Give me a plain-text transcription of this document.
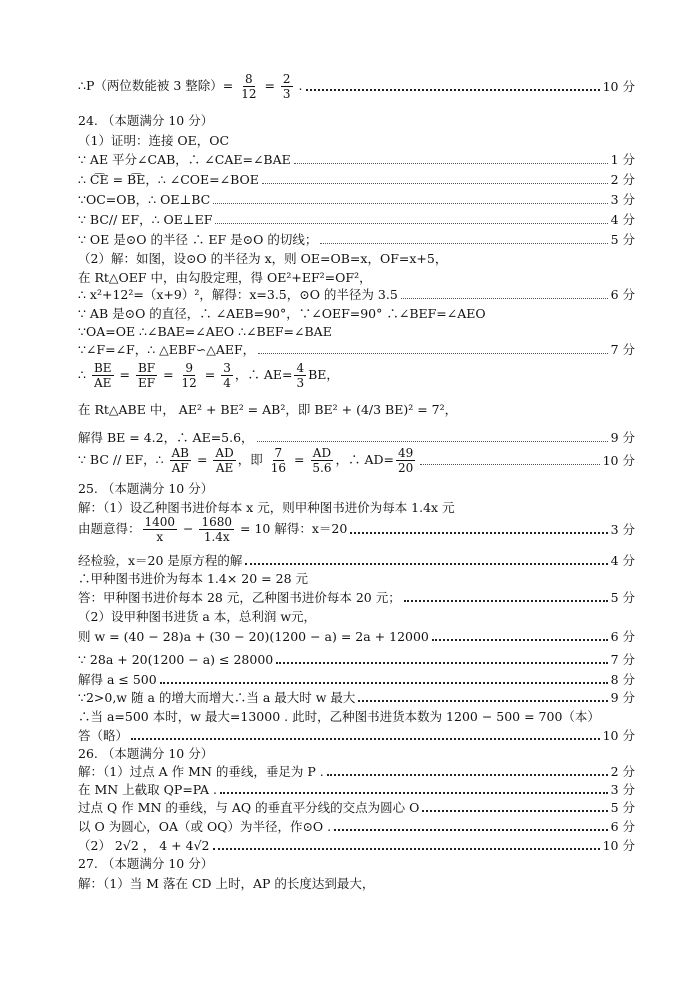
∴P（两位数能被 3 整除）= $\frac{8}{12} = \frac{2}{3}$ .	10 分
24. （本题满分 10 分）
（1）证明：连接 OE，OC
∵ AE 平分∠CAB，∴ ∠CAE=∠BAE	1 分
∴ C͡E = B͡E，∴ ∠COE=∠BOE	2 分
∵OC=OB，∴ OE⊥BC	3 分
∵ BC// EF，∴ OE⊥EF	4 分
∵ OE 是⊙O 的半径 ∴ EF 是⊙O 的切线；	5 分
（2）解：如图，设⊙O 的半径为 x，则 OE=OB=x，OF=x+5，
在 Rt△OEF 中，由勾股定理，得 OE²+EF²=OF²，
∴ x²+12²=（x+9）²，解得：x=3.5，⊙O 的半径为 3.5	6 分
∵ AB 是⊙O 的直径，∴ ∠AEB=90°，∵∠OEF=90° ∴∠BEF=∠AEO
∵OA=OE ∴∠BAE=∠AEO ∴∠BEF=∠BAE
∵∠F=∠F，∴ △EBF∽△AEF，	7 分
∴ $\frac{BE}{AE} = \frac{BF}{EF} = \frac{9}{12} = \frac{3}{4}$ ，∴ $AE= \frac{4}{3}$ BE，
在 Rt△ABE 中， AE² + BE² = AB²，即 BE² + (4/3 BE)² = 7²，
解得 BE = 4.2，∴ AE=5.6，	9 分
∵ BC // EF，∴ $\frac{AB}{AF} = \frac{AD}{AE}$ ，即 $\frac{7}{16} = \frac{AD}{5.6}$ ，∴ $AD= \frac{49}{20}$	10 分
25. （本题满分 10 分）
解：（1）设乙种图书进价每本 x 元，则甲种图书进价为每本 1.4x 元
由题意得： $\frac{1400}{x} - \frac{1680}{1.4x} = 10$ 解得：x＝20	3 分
经检验，x＝20 是原方程的解	4 分
∴甲种图书进价为每本 1.4× 20 = 28 元
答：甲种图书进价每本 28 元，乙种图书进价每本 20 元；	5 分
（2）设甲种图书进货 a 本，总利润 w元，
则 w = (40 − 28)a + (30 − 20)(1200 − a) = 2a + 12000	6 分
∵ 28a + 20(1200 − a) ≤ 28000	7 分
解得 a ≤ 500	8 分
∵2>0,w 随 a 的增大而增大∴当 a 最大时 w 最大	9 分
∴当 a=500 本时，w 最大=13000 . 此时，乙种图书进货本数为 1200 − 500 = 700（本）
答（略）	10 分
26. （本题满分 10 分）
解：（1）过点 A 作 MN 的垂线，垂足为 P .	2 分
在 MN 上截取 QP=PA .	3 分
过点 Q 作 MN 的垂线，与 AQ 的垂直平分线的交点为圆心 O	5 分
以 O 为圆心，OA（或 OQ）为半径，作⊙O .	6 分
（2） 2√2 ， 4 + 4√2	10 分
27. （本题满分 10 分）
解：（1）当 M 落在 CD 上时，AP 的长度达到最大，
